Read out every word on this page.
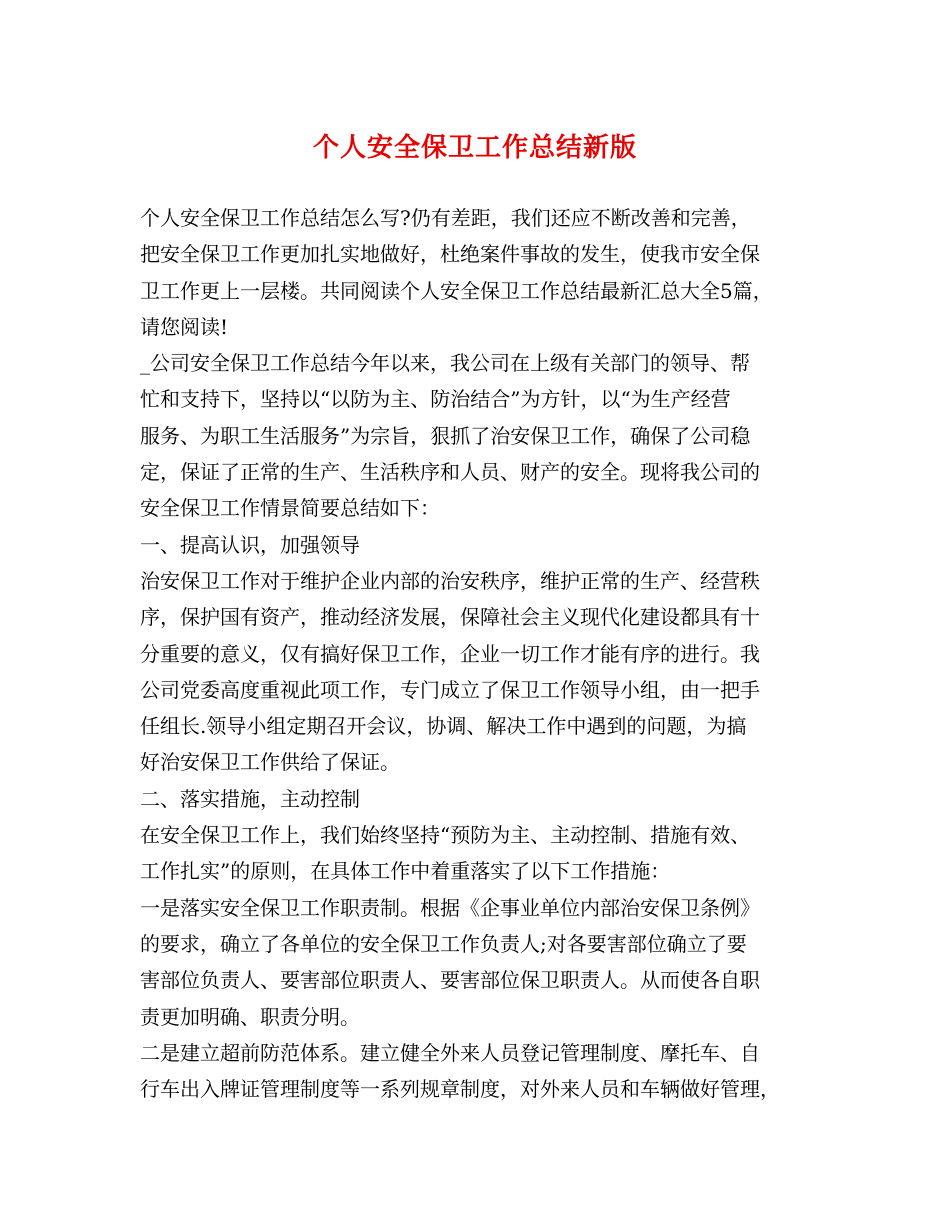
个人安全保卫工作总结新版
个人安全保卫工作总结怎么写?仍有差距，我们还应不断改善和完善，
把安全保卫工作更加扎实地做好，杜绝案件事故的发生，使我市安全保
卫工作更上一层楼。共同阅读个人安全保卫工作总结最新汇总大全5篇，
请您阅读!
_公司安全保卫工作总结今年以来，我公司在上级有关部门的领导、帮
忙和支持下，坚持以“以防为主、防治结合”为方针，以“为生产经营
服务、为职工生活服务”为宗旨，狠抓了治安保卫工作，确保了公司稳
定，保证了正常的生产、生活秩序和人员、财产的安全。现将我公司的
安全保卫工作情景简要总结如下：
一、提高认识，加强领导
治安保卫工作对于维护企业内部的治安秩序，维护正常的生产、经营秩
序，保护国有资产，推动经济发展，保障社会主义现代化建设都具有十
分重要的意义，仅有搞好保卫工作，企业一切工作才能有序的进行。我
公司党委高度重视此项工作，专门成立了保卫工作领导小组，由一把手
任组长.领导小组定期召开会议，协调、解决工作中遇到的问题，为搞
好治安保卫工作供给了保证。
二、落实措施，主动控制
在安全保卫工作上，我们始终坚持“预防为主、主动控制、措施有效、
工作扎实”的原则，在具体工作中着重落实了以下工作措施：
一是落实安全保卫工作职责制。根据《企事业单位内部治安保卫条例》
的要求，确立了各单位的安全保卫工作负责人;对各要害部位确立了要
害部位负责人、要害部位职责人、要害部位保卫职责人。从而使各自职
责更加明确、职责分明。
二是建立超前防范体系。建立健全外来人员登记管理制度、摩托车、自
行车出入牌证管理制度等一系列规章制度，对外来人员和车辆做好管理，
